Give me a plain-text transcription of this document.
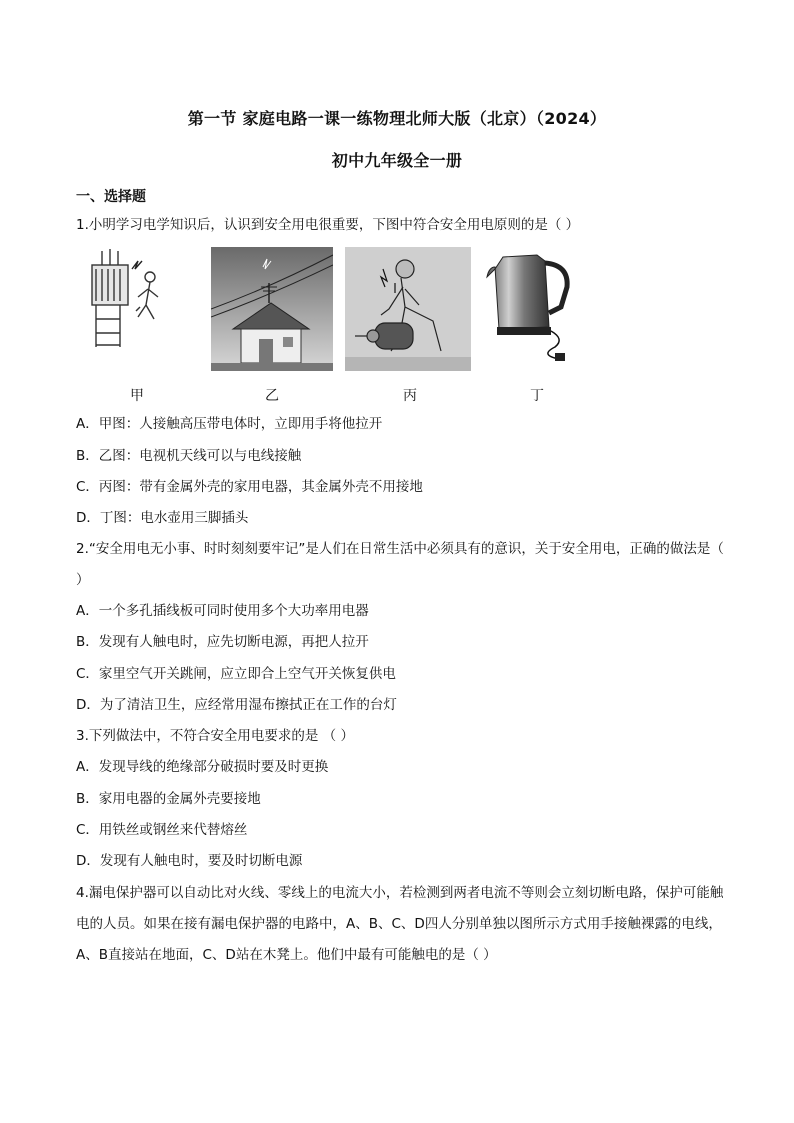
第一节 家庭电路一课一练物理北师大版（北京）（2024）
初中九年级全一册
一、选择题
1.小明学习电学知识后，认识到安全用电很重要，下图中符合安全用电原则的是（ ）
甲	乙	丙	丁
A．甲图：人接触高压带电体时，立即用手将他拉开
B．乙图：电视机天线可以与电线接触
C．丙图：带有金属外壳的家用电器，其金属外壳不用接地
D．丁图：电水壶用三脚插头
2.“安全用电无小事、时时刻刻要牢记”是人们在日常生活中必须具有的意识，关于安全用电，正确的做法是（ ）
A．一个多孔插线板可同时使用多个大功率用电器
B．发现有人触电时，应先切断电源，再把人拉开
C．家里空气开关跳闸，应立即合上空气开关恢复供电
D．为了清洁卫生，应经常用湿布擦拭正在工作的台灯
3.下列做法中，不符合安全用电要求的是 （ ）
A．发现导线的绝缘部分破损时要及时更换
B．家用电器的金属外壳要接地
C．用铁丝或钢丝来代替熔丝
D．发现有人触电时，要及时切断电源
4.漏电保护器可以自动比对火线、零线上的电流大小，若检测到两者电流不等则会立刻切断电路，保护可能触电的人员。如果在接有漏电保护器的电路中，A、B、C、D四人分别单独以图所示方式用手接触裸露的电线，A、B直接站在地面，C、D站在木凳上。他们中最有可能触电的是（ ）
